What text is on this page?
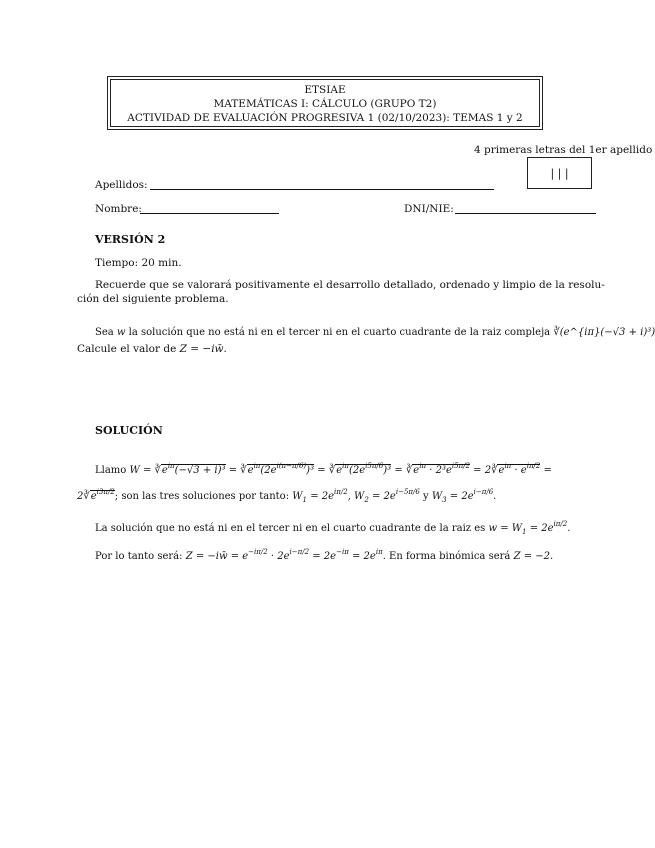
ETSIAE
MATEMÁTICAS I: CÁLCULO (GRUPO T2)
ACTIVIDAD DE EVALUACIÓN PROGRESIVA 1 (02/10/2023): TEMAS 1 y 2
4 primeras letras del 1er apellido
| | |
Apellidos:
Nombre:	DNI/NIE:
VERSIÓN 2
Tiempo: 20 min.
Recuerde que se valorará positivamente el desarrollo detallado, ordenado y limpio de la resolu-
ción del siguiente problema.
Sea w la solución que no está ni en el tercer ni en el cuarto cuadrante de la raiz compleja ∛(e^{iπ}(−√3 + i)³)
Calcule el valor de Z = −iw̄.
SOLUCIÓN
Llamo $W = ∛e^{i\pi}(-√3 + i)^3$ = $∛e^{i\pi}(2e^{i(\pi-\pi/6)})^3$ = $∛e^{i\pi}(2e^{i5\pi/6})^3$ = $∛e^{i\pi} \cdot 2^3e^{i5\pi/2}$ = $2∛e^{i\pi} \cdot e^{i\pi/2}$ =
$2∛e^{i3\pi/2}$; son las tres soluciones por tanto: $W_1 = 2e^{i\pi/2}$, $W_2 = 2e^{i-5\pi/6}$ y $W_3 = 2e^{i-\pi/6}$.
La solución que no está ni en el tercer ni en el cuarto cuadrante de la raiz es $w = W_1 = 2e^{i\pi/2}$.
Por lo tanto será: Z = −iw̄ = $e^{-i\pi/2} \cdot 2e^{i-\pi/2} = 2e^{-i\pi} = 2e^{i\pi}$. En forma binómica será Z = −2.
